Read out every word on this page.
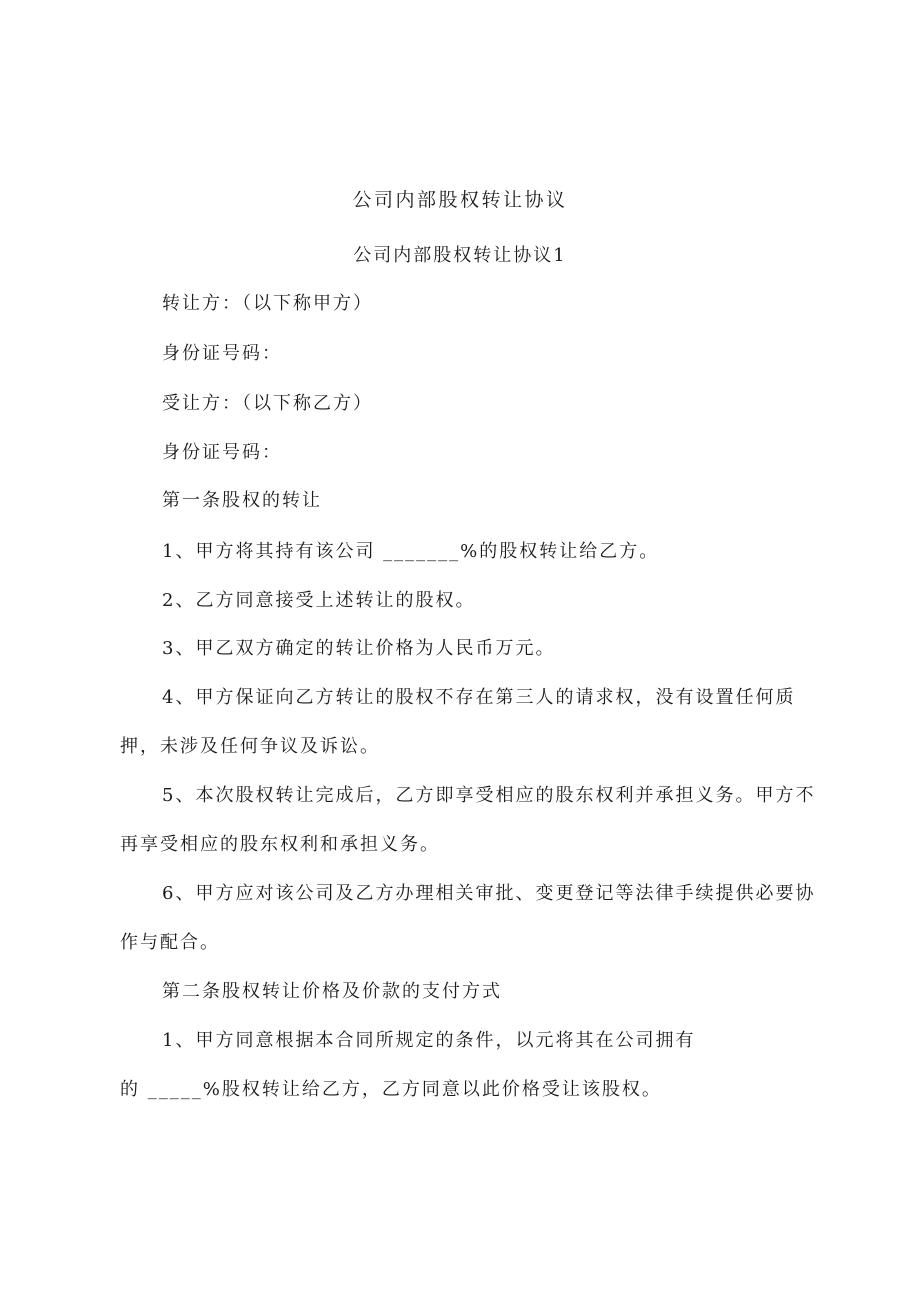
公司内部股权转让协议
公司内部股权转让协议1
转让方：（以下称甲方）
身份证号码：
受让方：（以下称乙方）
身份证号码：
第一条股权的转让
1、甲方将其持有该公司 _______%的股权转让给乙方。
2、乙方同意接受上述转让的股权。
3、甲乙双方确定的转让价格为人民币万元。
4、甲方保证向乙方转让的股权不存在第三人的请求权，没有设置任何质
押，未涉及任何争议及诉讼。
5、本次股权转让完成后，乙方即享受相应的股东权利并承担义务。甲方不
再享受相应的股东权利和承担义务。
6、甲方应对该公司及乙方办理相关审批、变更登记等法律手续提供必要协
作与配合。
第二条股权转让价格及价款的支付方式
1、甲方同意根据本合同所规定的条件，以元将其在公司拥有
的 _____%股权转让给乙方，乙方同意以此价格受让该股权。
